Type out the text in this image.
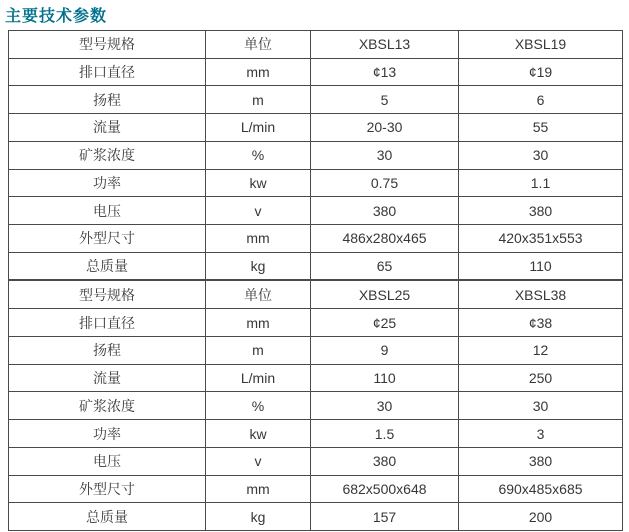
主要技术参数
型号规格	单位	XBSL13	XBSL19
排口直径	mm	¢13	¢19
扬程	m	5	6
流量	L/min	20-30	55
矿浆浓度	%	30	30
功率	kw	0.75	1.1
电压	v	380	380
外型尺寸	mm	486x280x465	420x351x553
总质量	kg	65	110
型号规格	单位	XBSL25	XBSL38
排口直径	mm	¢25	¢38
扬程	m	9	12
流量	L/min	110	250
矿浆浓度	%	30	30
功率	kw	1.5	3
电压	v	380	380
外型尺寸	mm	682x500x648	690x485x685
总质量	kg	157	200
